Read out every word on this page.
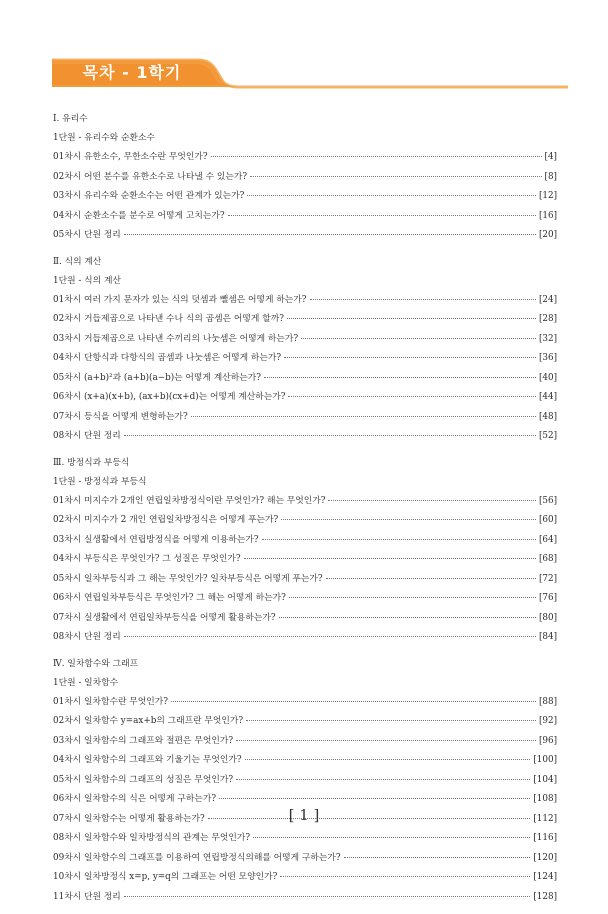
목차 - 1학기
Ⅰ. 유리수
1단원 - 유리수와 순환소수
01차시 유한소수, 무한소수란 무엇인가?	[4]
02차시 어떤 분수를 유한소수로 나타낼 수 있는가?	[8]
03차시 유리수와 순환소수는 어떤 관계가 있는가?	[12]
04차시 순환소수를 분수로 어떻게 고치는가?	[16]
05차시 단원 정리	[20]
Ⅱ. 식의 계산
1단원 - 식의 계산
01차시 여러 가지 문자가 있는 식의 덧셈과 뺄셈은 어떻게 하는가?	[24]
02차시 거듭제곱으로 나타낸 수나 식의 곱셈은 어떻게 할까?	[28]
03차시 거듭제곱으로 나타낸 수끼리의 나눗셈은 어떻게 하는가?	[32]
04차시 단항식과 다항식의 곱셈과 나눗셈은 어떻게 하는가?	[36]
05차시 (a+b)²과 (a+b)(a−b)는 어떻게 계산하는가?	[40]
06차시 (x+a)(x+b), (ax+b)(cx+d)는 어떻게 계산하는가?	[44]
07차시 등식을 어떻게 변형하는가?	[48]
08차시 단원 정리	[52]
Ⅲ. 방정식과 부등식
1단원 - 방정식과 부등식
01차시 미지수가 2개인 연립일차방정식이란 무엇인가? 해는 무엇인가?	[56]
02차시 미지수가 2 개인 연립일차방정식은 어떻게 푸는가?	[60]
03차시 실생활에서 연립방정식을 어떻게 이용하는가?	[64]
04차시 부등식은 무엇인가? 그 성질은 무엇인가?	[68]
05차시 일차부등식과 그 해는 무엇인가? 일차부등식은 어떻게 푸는가?	[72]
06차시 연립일차부등식은 무엇인가? 그 해는 어떻게 하는가?	[76]
07차시 실생활에서 연립일차부등식을 어떻게 활용하는가?	[80]
08차시 단원 정리	[84]
Ⅳ. 일차함수와 그래프
1단원 - 일차함수
01차시 일차함수란 무엇인가?	[88]
02차시 일차함수 y=ax+b의 그래프란 무엇인가?	[92]
03차시 일차함수의 그래프와 절편은 무엇인가?	[96]
04차시 일차함수의 그래프와 기울기는 무엇인가?	[100]
05차시 일차함수의 그래프의 성질은 무엇인가?	[104]
06차시 일차함수의 식은 어떻게 구하는가?	[108]
07차시 일차함수는 어떻게 활용하는가?	[112]
08차시 일차함수와 일차방정식의 관계는 무엇인가?	[116]
09차시 일차함수의 그래프를 이용하여 연립방정식의해를 어떻게 구하는가?	[120]
10차시 일차방정식 x=p, y=q의 그래프는 어떤 모양인가?	[124]
11차시 단원 정리	[128]
[ 1 ]
